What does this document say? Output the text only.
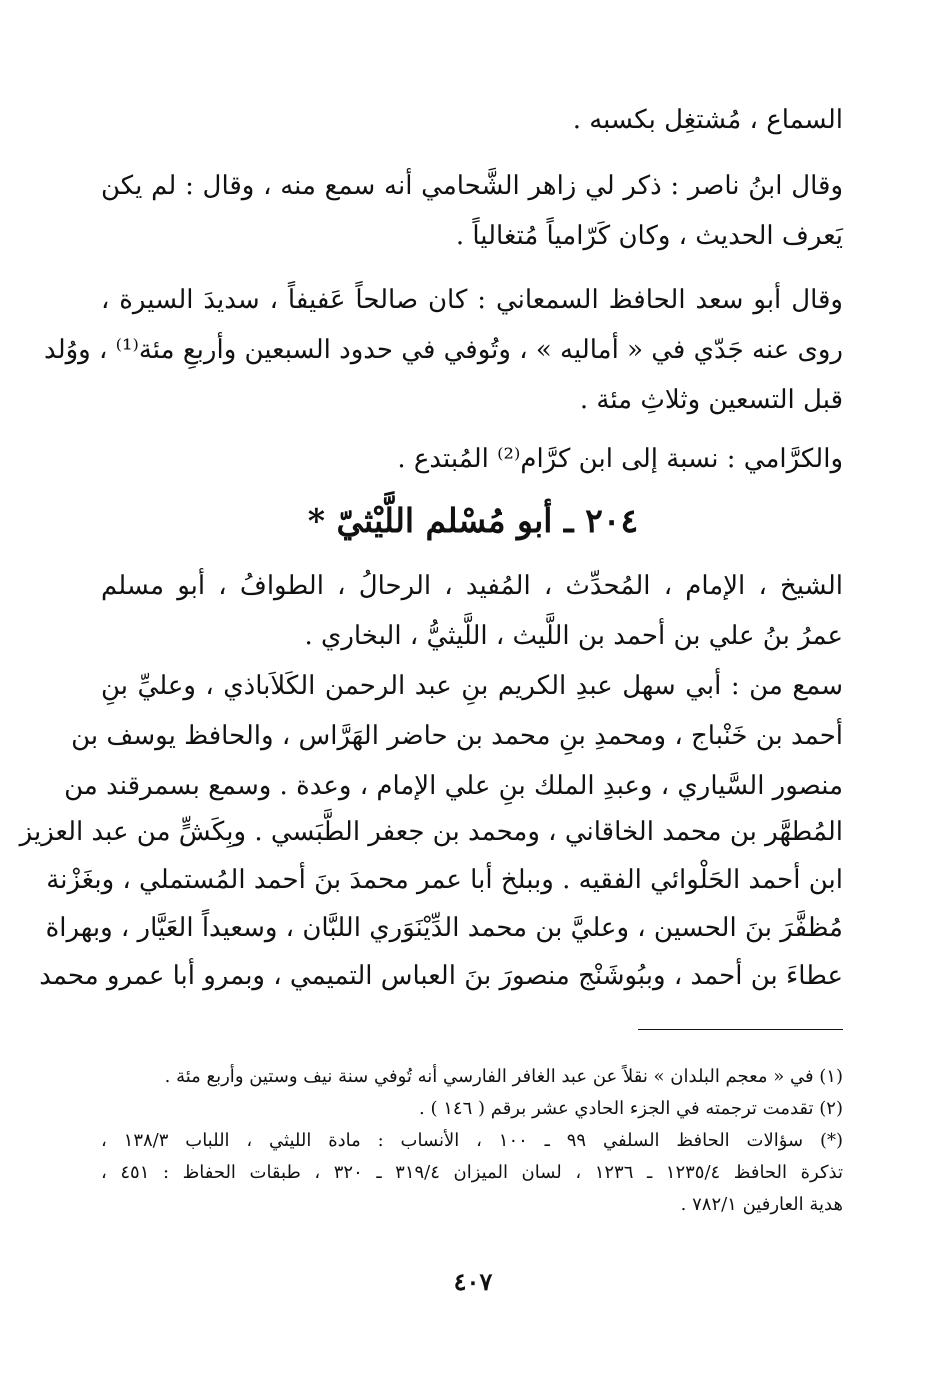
السماع ، مُشتغِل بكسبه .
وقال ابنُ ناصر : ذكر لي زاهر الشَّحامي أنه سمع منه ، وقال : لم يكن
يَعرف الحديث ، وكان كَرّامياً مُتغالياً .
وقال أبو سعد الحافظ السمعاني : كان صالحاً عَفيفاً ، سديدَ السيرة ،
روى عنه جَدّي في « أماليه » ، وتُوفي في حدود السبعين وأربعِ مئة⁽¹⁾ ، ووُلد
قبل التسعين وثلاثِ مئة .
والكرَّامي : نسبة إلى ابن كرَّام⁽²⁾ المُبتدع .
٢٠٤ ـ أبو مُسْلم اللَّيْثيّ *
الشيخ ، الإمام ، المُحدِّث ، المُفيد ، الرحالُ ، الطوافُ ، أبو مسلم
عمرُ بنُ علي بن أحمد بن اللَّيث ، اللَّيثيُّ ، البخاري .
سمع من : أبي سهل عبدِ الكريم بنِ عبد الرحمن الكَلاَباذي ، وعليِّ بنِ
أحمد بن خَنْباج ، ومحمدِ بنِ محمد بن حاضر الهَرَّاس ، والحافظ يوسف بن
منصور السَّياري ، وعبدِ الملك بنِ علي الإمام ، وعدة . وسمع بسمرقند من
المُطهَّر بن محمد الخاقاني ، ومحمد بن جعفر الطَّبَسي . وبِكَشٍّ من عبد العزيز
ابن أحمد الحَلْوائي الفقيه . وببلخ أبا عمر محمدَ بنَ أحمد المُستملي ، وبغَزْنة
مُظفَّرَ بنَ الحسين ، وعليَّ بن محمد الدِّيْنَوَري اللبَّان ، وسعيداً العَيَّار ، وبهراة
عطاءَ بن أحمد ، وببُوشَنْج منصورَ بنَ العباس التميمي ، وبمرو أبا عمرو محمد
(١) في « معجم البلدان » نقلاً عن عبد الغافر الفارسي أنه تُوفي سنة نيف وستين وأربع مئة .
(٢) تقدمت ترجمته في الجزء الحادي عشر برقم ( ١٤٦ ) .
(*) سؤالات الحافظ السلفي ٩٩ ـ ١٠٠ ، الأنساب : مادة الليثي ، اللباب ١٣٨/٣ ،
تذكرة الحافظ ١٢٣٥/٤ ـ ١٢٣٦ ، لسان الميزان ٣١٩/٤ ـ ٣٢٠ ، طبقات الحفاظ : ٤٥١ ،
هدية العارفين ٧٨٢/١ .
٤٠٧
